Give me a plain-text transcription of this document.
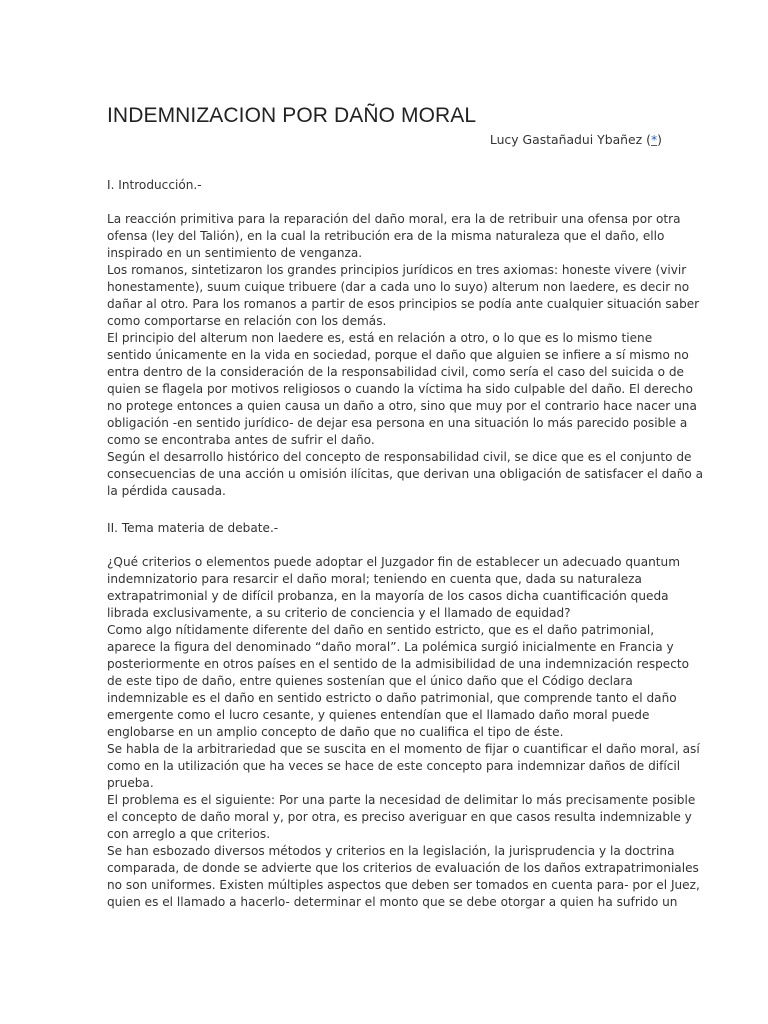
INDEMNIZACION POR DAÑO MORAL
Lucy Gastañadui Ybañez (*)
I. Introducción.-
La reacción primitiva para la reparación del daño moral, era la de retribuir una ofensa por otra
ofensa (ley del Talión), en la cual la retribución era de la misma naturaleza que el daño, ello
inspirado en un sentimiento de venganza.
Los romanos, sintetizaron los grandes principios jurídicos en tres axiomas: honeste vivere (vivir
honestamente), suum cuique tribuere (dar a cada uno lo suyo) alterum non laedere, es decir no
dañar al otro. Para los romanos a partir de esos principios se podía ante cualquier situación saber
como comportarse en relación con los demás.
El principio del alterum non laedere es, está en relación a otro, o lo que es lo mismo tiene
sentido únicamente en la vida en sociedad, porque el daño que alguien se infiere a sí mismo no
entra dentro de la consideración de la responsabilidad civil, como sería el caso del suicida o de
quien se flagela por motivos religiosos o cuando la víctima ha sido culpable del daño. El derecho
no protege entonces a quien causa un daño a otro, sino que muy por el contrario hace nacer una
obligación -en sentido jurídico- de dejar esa persona en una situación lo más parecido posible a
como se encontraba antes de sufrir el daño.
Según el desarrollo histórico del concepto de responsabilidad civil, se dice que es el conjunto de
consecuencias de una acción u omisión ilícitas, que derivan una obligación de satisfacer el daño a
la pérdida causada.
II. Tema materia de debate.-
¿Qué criterios o elementos puede adoptar el Juzgador fin de establecer un adecuado quantum
indemnizatorio para resarcir el daño moral; teniendo en cuenta que, dada su naturaleza
extrapatrimonial y de difícil probanza, en la mayoría de los casos dicha cuantificación queda
librada exclusivamente, a su criterio de conciencia y el llamado de equidad?
Como algo nítidamente diferente del daño en sentido estricto, que es el daño patrimonial,
aparece la figura del denominado “daño moral”. La polémica surgió inicialmente en Francia y
posteriormente en otros países en el sentido de la admisibilidad de una indemnización respecto
de este tipo de daño, entre quienes sostenían que el único daño que el Código declara
indemnizable es el daño en sentido estricto o daño patrimonial, que comprende tanto el daño
emergente como el lucro cesante, y quienes entendían que el llamado daño moral puede
englobarse en un amplio concepto de daño que no cualifica el tipo de éste.
Se habla de la arbitrariedad que se suscita en el momento de fijar o cuantificar el daño moral, así
como en la utilización que ha veces se hace de este concepto para indemnizar daños de difícil
prueba.
El problema es el siguiente: Por una parte la necesidad de delimitar lo más precisamente posible
el concepto de daño moral y, por otra, es preciso averiguar en que casos resulta indemnizable y
con arreglo a que criterios.
Se han esbozado diversos métodos y criterios en la legislación, la jurisprudencia y la doctrina
comparada, de donde se advierte que los criterios de evaluación de los daños extrapatrimoniales
no son uniformes. Existen múltiples aspectos que deben ser tomados en cuenta para- por el Juez,
quien es el llamado a hacerlo- determinar el monto que se debe otorgar a quien ha sufrido un
